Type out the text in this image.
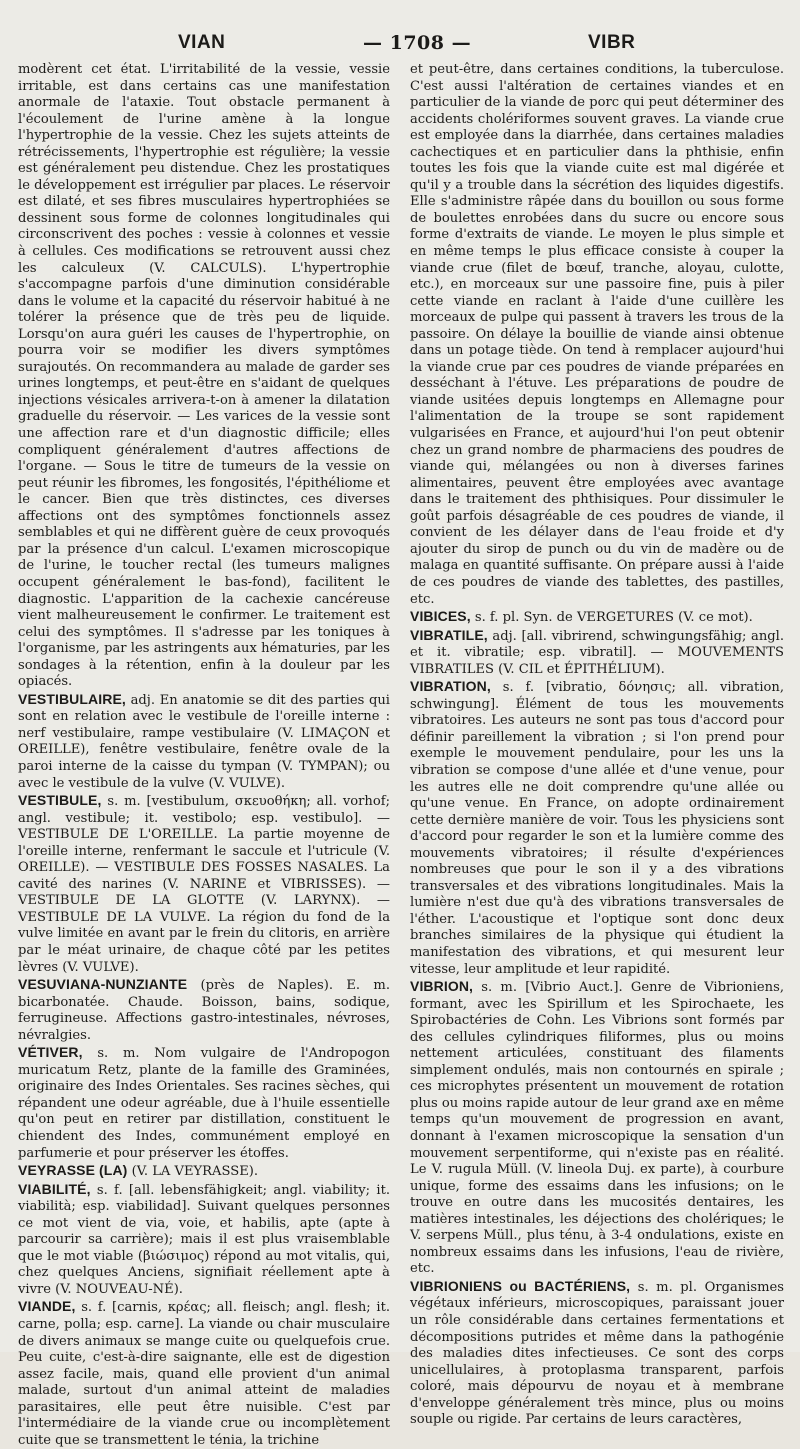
VIAN	— 1708 —	VIBR

modèrent cet état. L'irritabilité de la vessie, vessie irritable, est dans certains cas une manifestation anormale de l'ataxie. Tout obstacle permanent à l'écoulement de l'urine amène à la longue l'hypertrophie de la vessie. Chez les sujets atteints de rétrécissements, l'hypertrophie est régulière; la vessie est généralement peu distendue. Chez les prostatiques le développement est irrégulier par places. Le réservoir est dilaté, et ses fibres musculaires hypertrophiées se dessinent sous forme de colonnes longitudinales qui circonscrivent des poches : vessie à colonnes et vessie à cellules. Ces modifications se retrouvent aussi chez les calculeux (V. CALCULS). L'hypertrophie s'accompagne parfois d'une diminution considérable dans le volume et la capacité du réservoir habitué à ne tolérer la présence que de très peu de liquide. Lorsqu'on aura guéri les causes de l'hypertrophie, on pourra voir se modifier les divers symptômes surajoutés. On recommandera au malade de garder ses urines longtemps, et peut-être en s'aidant de quelques injections vésicales arrivera-t-on à amener la dilatation graduelle du réservoir. — Les varices de la vessie sont une affection rare et d'un diagnostic difficile; elles compliquent généralement d'autres affections de l'organe. — Sous le titre de tumeurs de la vessie on peut réunir les fibromes, les fongosités, l'épithéliome et le cancer. Bien que très distinctes, ces diverses affections ont des symptômes fonctionnels assez semblables et qui ne diffèrent guère de ceux provoqués par la présence d'un calcul. L'examen microscopique de l'urine, le toucher rectal (les tumeurs malignes occupent généralement le bas-fond), facilitent le diagnostic. L'apparition de la cachexie cancéreuse vient malheureusement le confirmer. Le traitement est celui des symptômes. Il s'adresse par les toniques à l'organisme, par les astringents aux hématuries, par les sondages à la rétention, enfin à la douleur par les opiacés.

VESTIBULAIRE, adj. En anatomie se dit des parties qui sont en relation avec le vestibule de l'oreille interne : nerf vestibulaire, rampe vestibulaire (V. LIMAÇON et OREILLE), fenêtre vestibulaire, fenêtre ovale de la paroi interne de la caisse du tympan (V. TYMPAN); ou avec le vestibule de la vulve (V. VULVE).

VESTIBULE, s. m. [vestibulum, σκευοθήκη; all. vorhof; angl. vestibule; it. vestibolo; esp. vestibulo]. — VESTIBULE DE L'OREILLE. La partie moyenne de l'oreille interne, renfermant le saccule et l'utricule (V. OREILLE). — VESTIBULE DES FOSSES NASALES. La cavité des narines (V. NARINE et VIBRISSES). — VESTIBULE DE LA GLOTTE (V. LARYNX). — VESTIBULE DE LA VULVE. La région du fond de la vulve limitée en avant par le frein du clitoris, en arrière par le méat urinaire, de chaque côté par les petites lèvres (V. VULVE).

VESUVIANA-NUNZIANTE (près de Naples). E. m. bicarbonatée. Chaude. Boisson, bains, sodique, ferrugineuse. Affections gastro-intestinales, névroses, névralgies.

VÉTIVER, s. m. Nom vulgaire de l'Andropogon muricatum Retz, plante de la famille des Graminées, originaire des Indes Orientales. Ses racines sèches, qui répandent une odeur agréable, due à l'huile essentielle qu'on peut en retirer par distillation, constituent le chiendent des Indes, communément employé en parfumerie et pour préserver les étoffes.

VEYRASSE (LA) (V. LA VEYRASSE).

VIABILITÉ, s. f. [all. lebensfähigkeit; angl. viability; it. viabilità; esp. viabilidad]. Suivant quelques personnes ce mot vient de via, voie, et habilis, apte (apte à parcourir sa carrière); mais il est plus vraisemblable que le mot viable (βιώσιμος) répond au mot vitalis, qui, chez quelques Anciens, signifiait réellement apte à vivre (V. NOUVEAU-NÉ).

VIANDE, s. f. [carnis, κρέας; all. fleisch; angl. flesh; it. carne, polla; esp. carne]. La viande ou chair musculaire de divers animaux se mange cuite ou quelquefois crue. Peu cuite, c'est-à-dire saignante, elle est de digestion assez facile, mais, quand elle provient d'un animal malade, surtout d'un animal atteint de maladies parasitaires, elle peut être nuisible. C'est par l'intermédiaire de la viande crue ou incomplètement cuite que se transmettent le ténia, la trichine

et peut-être, dans certaines conditions, la tuberculose. C'est aussi l'altération de certaines viandes et en particulier de la viande de porc qui peut déterminer des accidents cholériformes souvent graves. La viande crue est employée dans la diarrhée, dans certaines maladies cachectiques et en particulier dans la phthisie, enfin toutes les fois que la viande cuite est mal digérée et qu'il y a trouble dans la sécrétion des liquides digestifs. Elle s'administre râpée dans du bouillon ou sous forme de boulettes enrobées dans du sucre ou encore sous forme d'extraits de viande. Le moyen le plus simple et en même temps le plus efficace consiste à couper la viande crue (filet de bœuf, tranche, aloyau, culotte, etc.), en morceaux sur une passoire fine, puis à piler cette viande en raclant à l'aide d'une cuillère les morceaux de pulpe qui passent à travers les trous de la passoire. On délaye la bouillie de viande ainsi obtenue dans un potage tiède. On tend à remplacer aujourd'hui la viande crue par ces poudres de viande préparées en desséchant à l'étuve. Les préparations de poudre de viande usitées depuis longtemps en Allemagne pour l'alimentation de la troupe se sont rapidement vulgarisées en France, et aujourd'hui l'on peut obtenir chez un grand nombre de pharmaciens des poudres de viande qui, mélangées ou non à diverses farines alimentaires, peuvent être employées avec avantage dans le traitement des phthisiques. Pour dissimuler le goût parfois désagréable de ces poudres de viande, il convient de les délayer dans de l'eau froide et d'y ajouter du sirop de punch ou du vin de madère ou de malaga en quantité suffisante. On prépare aussi à l'aide de ces poudres de viande des tablettes, des pastilles, etc.

VIBICES, s. f. pl. Syn. de VERGETURES (V. ce mot).

VIBRATILE, adj. [all. vibrirend, schwingungsfähig; angl. et it. vibratile; esp. vibratil]. — MOUVEMENTS VIBRATILES (V. CIL et ÉPITHÉLIUM).

VIBRATION, s. f. [vibratio, δόνησις; all. vibration, schwingung]. Élément de tous les mouvements vibratoires. Les auteurs ne sont pas tous d'accord pour définir pareillement la vibration ; si l'on prend pour exemple le mouvement pendulaire, pour les uns la vibration se compose d'une allée et d'une venue, pour les autres elle ne doit comprendre qu'une allée ou qu'une venue. En France, on adopte ordinairement cette dernière manière de voir. Tous les physiciens sont d'accord pour regarder le son et la lumière comme des mouvements vibratoires; il résulte d'expériences nombreuses que pour le son il y a des vibrations transversales et des vibrations longitudinales. Mais la lumière n'est due qu'à des vibrations transversales de l'éther. L'acoustique et l'optique sont donc deux branches similaires de la physique qui étudient la manifestation des vibrations, et qui mesurent leur vitesse, leur amplitude et leur rapidité.

VIBRION, s. m. [Vibrio Auct.]. Genre de Vibrioniens, formant, avec les Spirillum et les Spirochaete, les Spirobactéries de Cohn. Les Vibrions sont formés par des cellules cylindriques filiformes, plus ou moins nettement articulées, constituant des filaments simplement ondulés, mais non contournés en spirale ; ces microphytes présentent un mouvement de rotation plus ou moins rapide autour de leur grand axe en même temps qu'un mouvement de progression en avant, donnant à l'examen microscopique la sensation d'un mouvement serpentiforme, qui n'existe pas en réalité. Le V. rugula Müll. (V. lineola Duj. ex parte), à courbure unique, forme des essaims dans les infusions; on le trouve en outre dans les mucosités dentaires, les matières intestinales, les déjections des cholériques; le V. serpens Müll., plus ténu, à 3-4 ondulations, existe en nombreux essaims dans les infusions, l'eau de rivière, etc.

VIBRIONIENS ou BACTÉRIENS, s. m. pl. Organismes végétaux inférieurs, microscopiques, paraissant jouer un rôle considérable dans certaines fermentations et décompositions putrides et même dans la pathogénie des maladies dites infectieuses. Ce sont des corps unicellulaires, à protoplasma transparent, parfois coloré, mais dépourvu de noyau et à membrane d'enveloppe généralement très mince, plus ou moins souple ou rigide. Par certains de leurs caractères,
